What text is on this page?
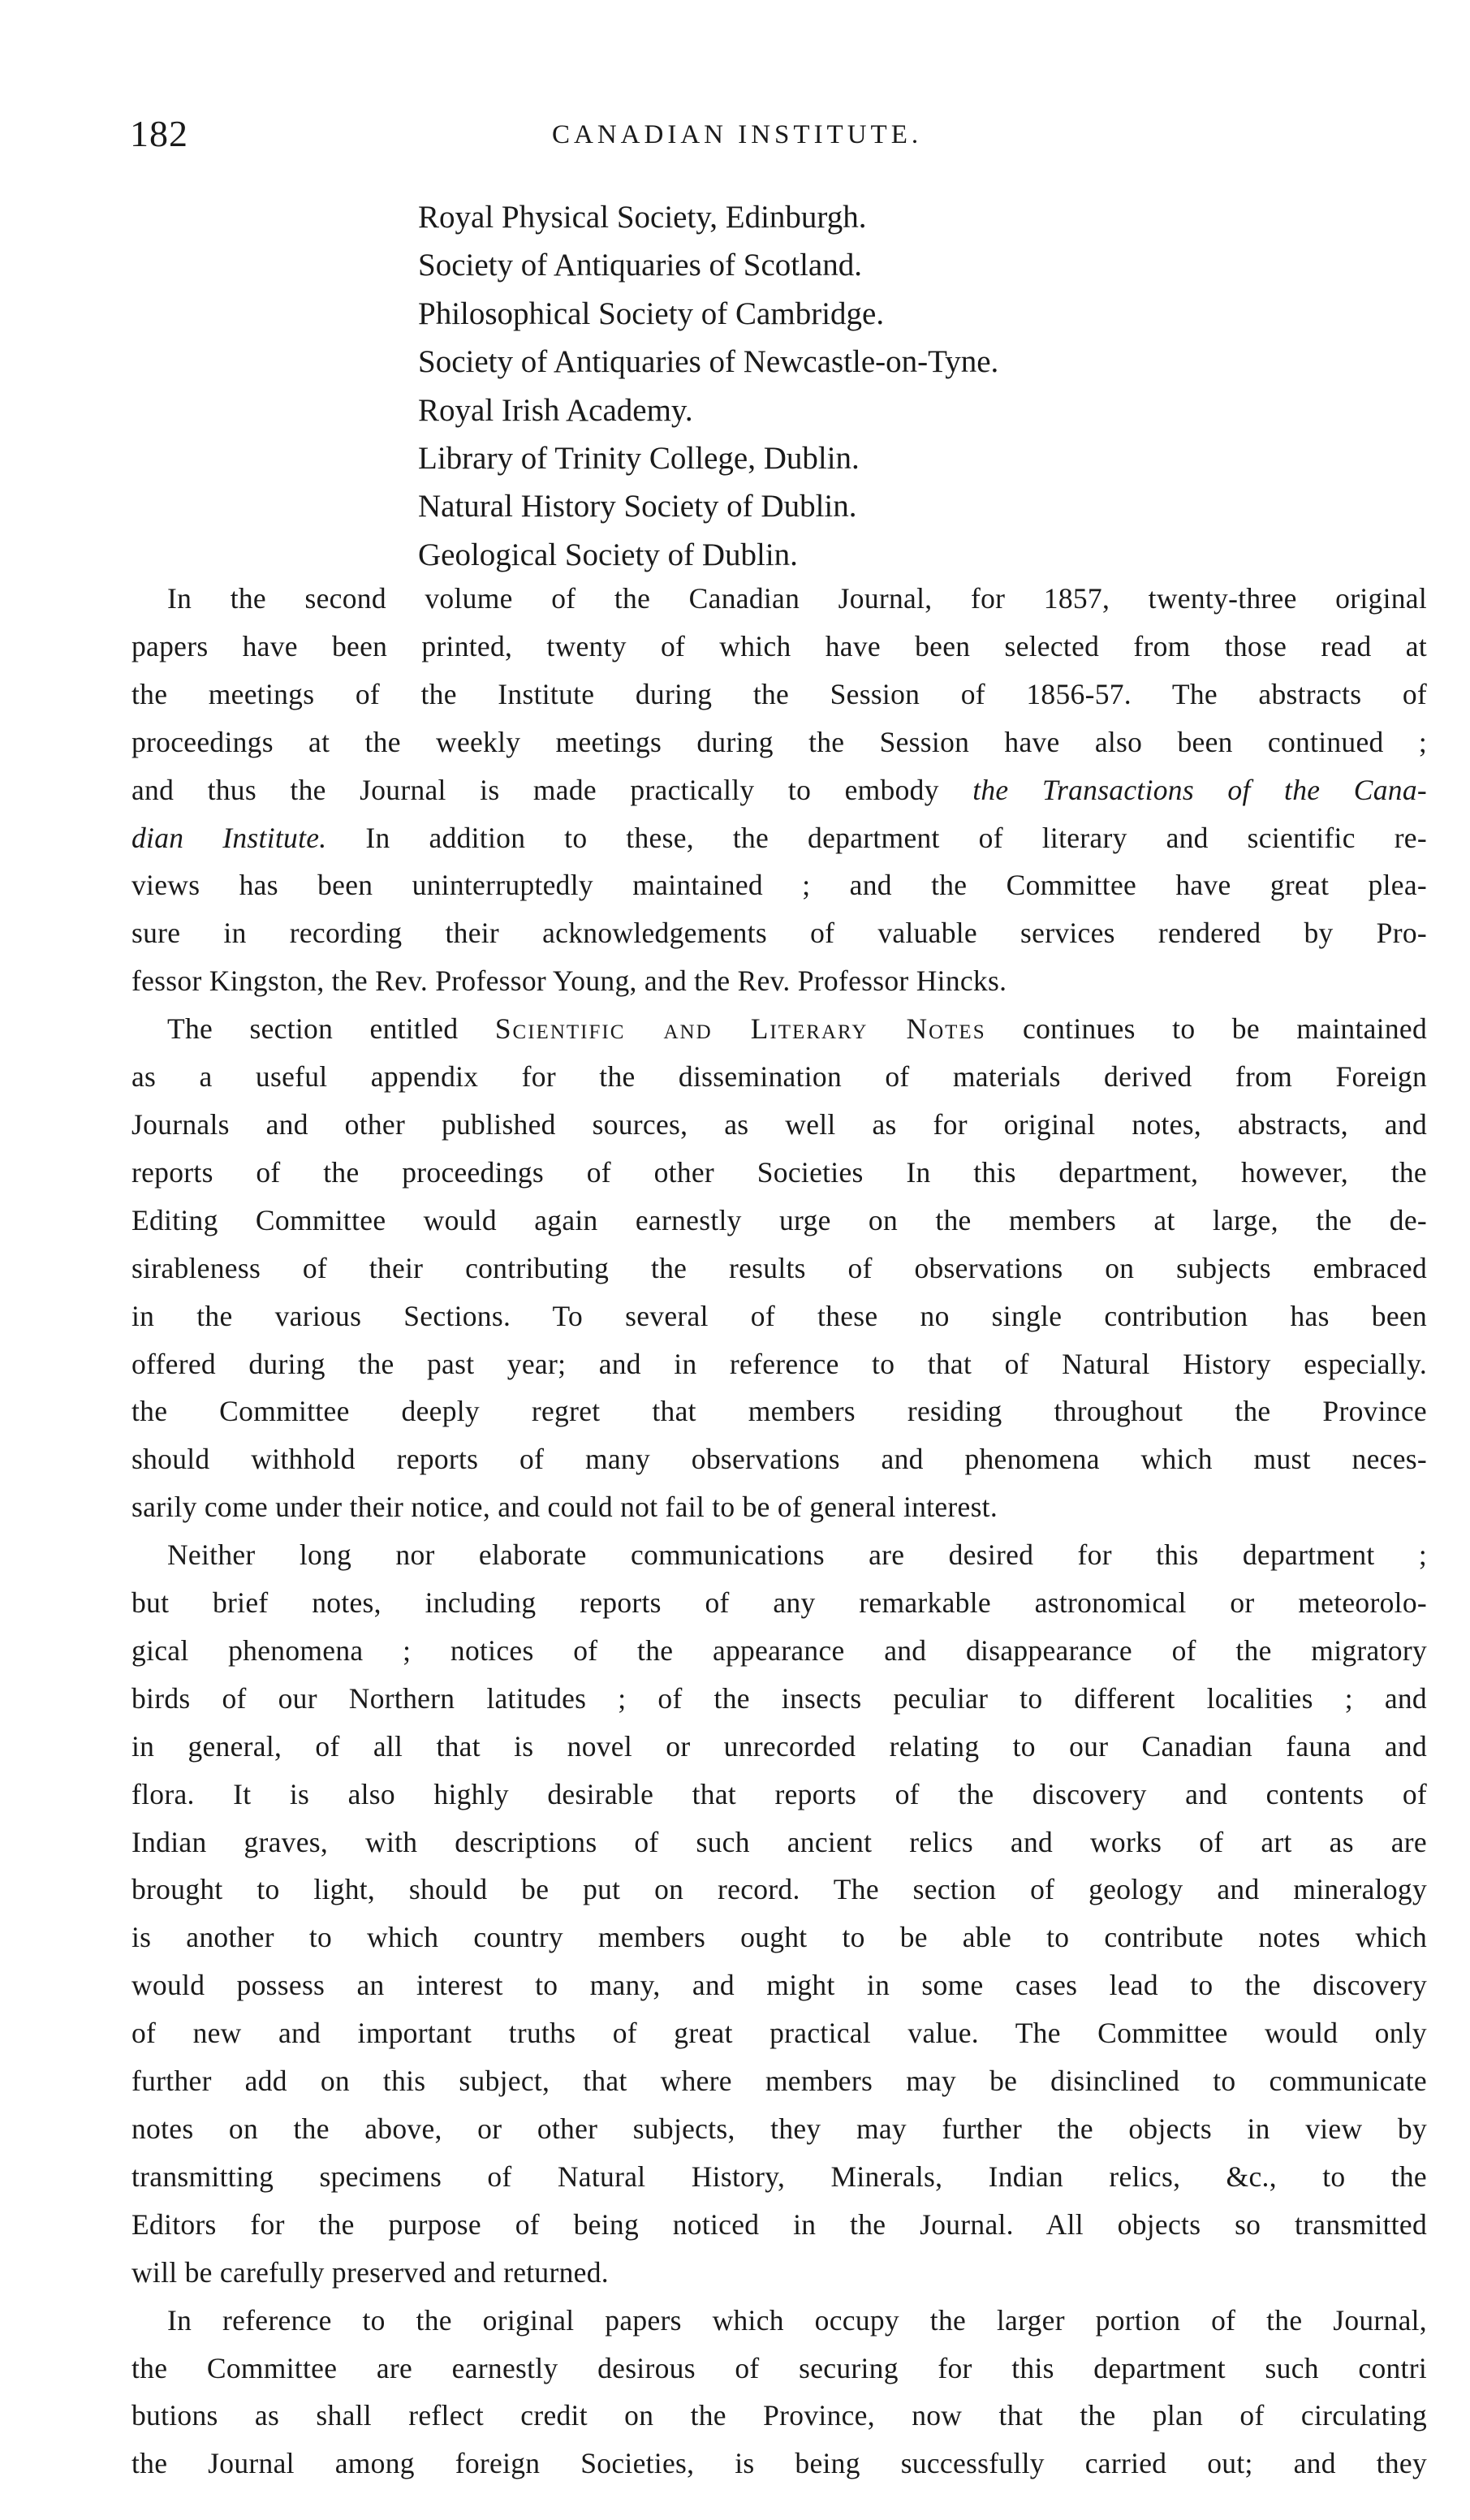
182	CANADIAN INSTITUTE.
Royal Physical Society, Edinburgh.
Society of Antiquaries of Scotland.
Philosophical Society of Cambridge.
Society of Antiquaries of Newcastle-on-Tyne.
Royal Irish Academy.
Library of Trinity College, Dublin.
Natural History Society of Dublin.
Geological Society of Dublin.
In the second volume of the Canadian Journal, for 1857, twenty-three original
papers have been printed, twenty of which have been selected from those read at
the meetings of the Institute during the Session of 1856-57. The abstracts of
proceedings at the weekly meetings during the Session have also been continued ;
and thus the Journal is made practically to embody the Transactions of the Cana-
dian Institute. In addition to these, the department of literary and scientific re-
views has been uninterruptedly maintained ; and the Committee have great plea-
sure in recording their acknowledgements of valuable services rendered by Pro-
fessor Kingston, the Rev. Professor Young, and the Rev. Professor Hincks.
The section entitled Scientific and Literary Notes continues to be maintained
as a useful appendix for the dissemination of materials derived from Foreign
Journals and other published sources, as well as for original notes, abstracts, and
reports of the proceedings of other Societies In this department, however, the
Editing Committee would again earnestly urge on the members at large, the de-
sirableness of their contributing the results of observations on subjects embraced
in the various Sections. To several of these no single contribution has been
offered during the past year; and in reference to that of Natural History especially.
the Committee deeply regret that members residing throughout the Province
should withhold reports of many observations and phenomena which must neces-
sarily come under their notice, and could not fail to be of general interest.
Neither long nor elaborate communications are desired for this department ;
but brief notes, including reports of any remarkable astronomical or meteorolo-
gical phenomena ; notices of the appearance and disappearance of the migratory
birds of our Northern latitudes ; of the insects peculiar to different localities ; and
in general, of all that is novel or unrecorded relating to our Canadian fauna and
flora. It is also highly desirable that reports of the discovery and contents of
Indian graves, with descriptions of such ancient relics and works of art as are
brought to light, should be put on record. The section of geology and mineralogy
is another to which country members ought to be able to contribute notes which
would possess an interest to many, and might in some cases lead to the discovery
of new and important truths of great practical value. The Committee would only
further add on this subject, that where members may be disinclined to communicate
notes on the above, or other subjects, they may further the objects in view by
transmitting specimens of Natural History, Minerals, Indian relics, &c., to the
Editors for the purpose of being noticed in the Journal. All objects so transmitted
will be carefully preserved and returned.
In reference to the original papers which occupy the larger portion of the Journal,
the Committee are earnestly desirous of securing for this department such contri
butions as shall reflect credit on the Province, now that the plan of circulating
the Journal among foreign Societies, is being successfully carried out; and they
